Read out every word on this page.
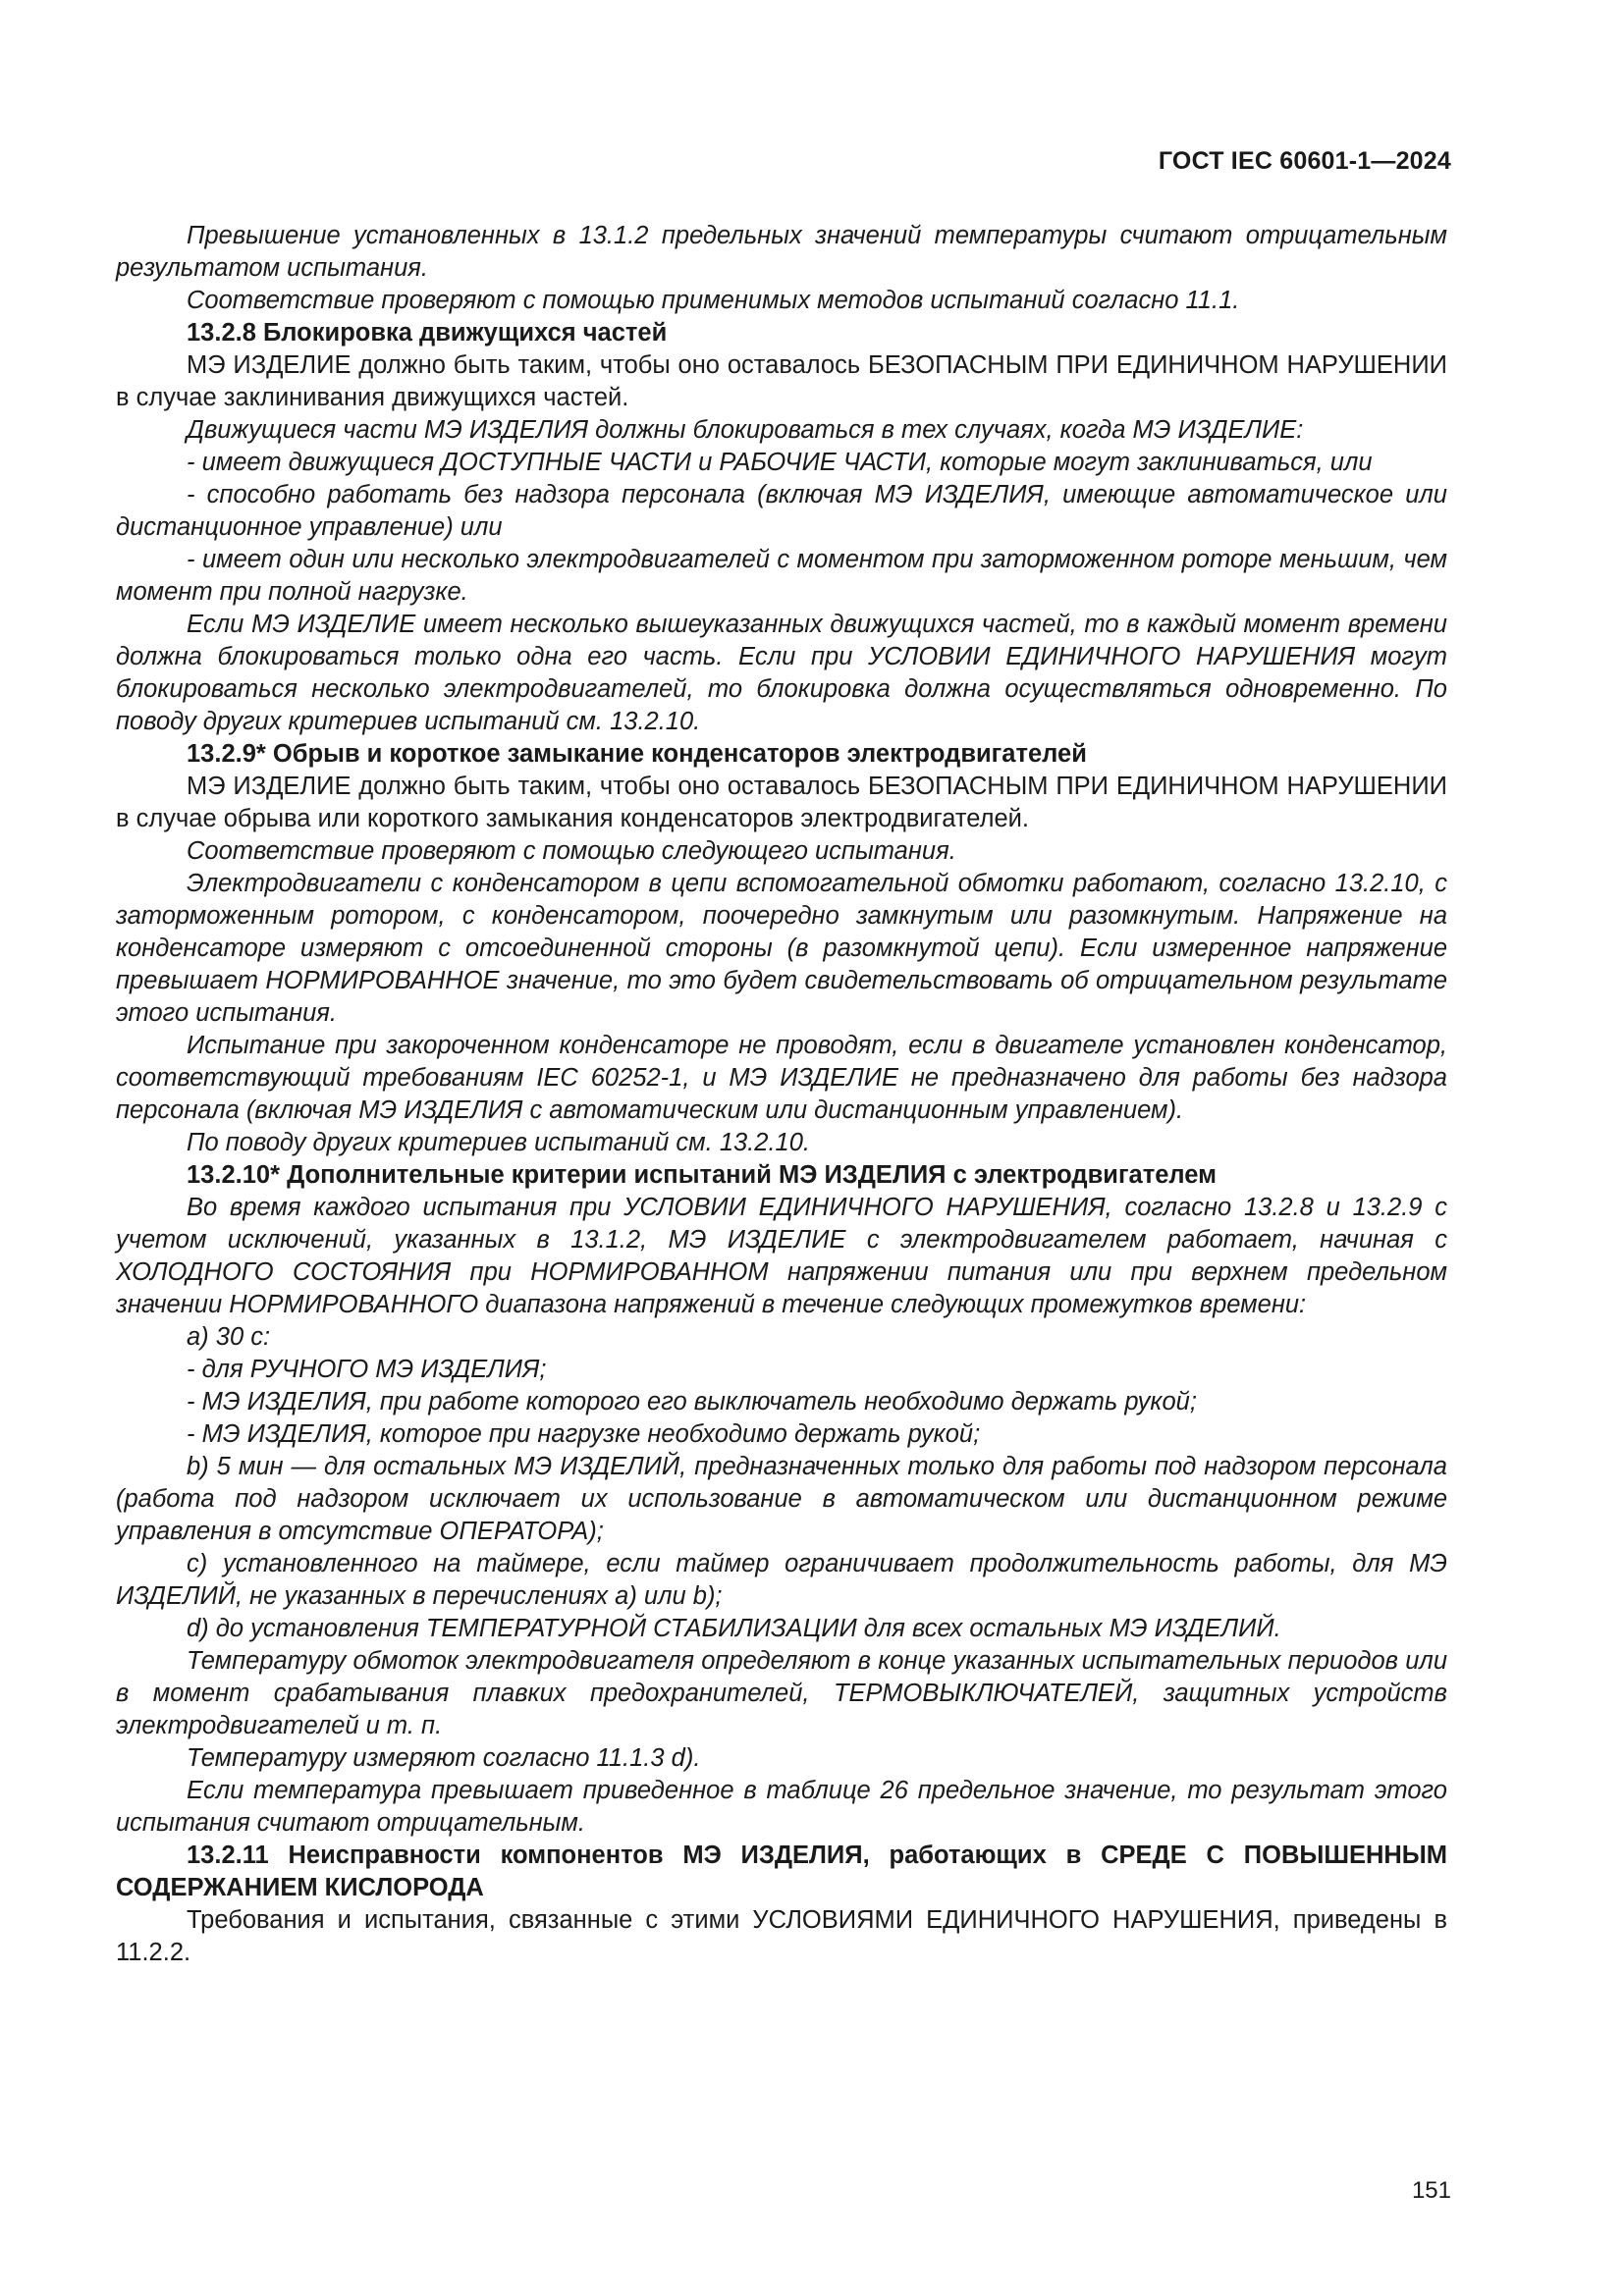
ГОСТ IEC 60601-1—2024

Превышение установленных в 13.1.2 предельных значений температуры считают отрицательным результатом испытания.

Соответствие проверяют с помощью применимых методов испытаний согласно 11.1.

13.2.8 Блокировка движущихся частей

МЭ ИЗДЕЛИЕ должно быть таким, чтобы оно оставалось БЕЗОПАСНЫМ ПРИ ЕДИНИЧНОМ НАРУШЕНИИ в случае заклинивания движущихся частей.

Движущиеся части МЭ ИЗДЕЛИЯ должны блокироваться в тех случаях, когда МЭ ИЗДЕЛИЕ:

- имеет движущиеся ДОСТУПНЫЕ ЧАСТИ и РАБОЧИЕ ЧАСТИ, которые могут заклиниваться, или

- способно работать без надзора персонала (включая МЭ ИЗДЕЛИЯ, имеющие автоматическое или дистанционное управление) или

- имеет один или несколько электродвигателей с моментом при заторможенном роторе меньшим, чем момент при полной нагрузке.

Если МЭ ИЗДЕЛИЕ имеет несколько вышеуказанных движущихся частей, то в каждый момент времени должна блокироваться только одна его часть. Если при УСЛОВИИ ЕДИНИЧНОГО НАРУШЕНИЯ могут блокироваться несколько электродвигателей, то блокировка должна осуществляться одновременно. По поводу других критериев испытаний см. 13.2.10.

13.2.9* Обрыв и короткое замыкание конденсаторов электродвигателей

МЭ ИЗДЕЛИЕ должно быть таким, чтобы оно оставалось БЕЗОПАСНЫМ ПРИ ЕДИНИЧНОМ НАРУШЕНИИ в случае обрыва или короткого замыкания конденсаторов электродвигателей.

Соответствие проверяют с помощью следующего испытания.

Электродвигатели с конденсатором в цепи вспомогательной обмотки работают, согласно 13.2.10, с заторможенным ротором, с конденсатором, поочередно замкнутым или разомкнутым. Напряжение на конденсаторе измеряют с отсоединенной стороны (в разомкнутой цепи). Если измеренное напряжение превышает НОРМИРОВАННОЕ значение, то это будет свидетельствовать об отрицательном результате этого испытания.

Испытание при закороченном конденсаторе не проводят, если в двигателе установлен конденсатор, соответствующий требованиям IEC 60252-1, и МЭ ИЗДЕЛИЕ не предназначено для работы без надзора персонала (включая МЭ ИЗДЕЛИЯ с автоматическим или дистанционным управлением).

По поводу других критериев испытаний см. 13.2.10.

13.2.10* Дополнительные критерии испытаний МЭ ИЗДЕЛИЯ с электродвигателем

Во время каждого испытания при УСЛОВИИ ЕДИНИЧНОГО НАРУШЕНИЯ, согласно 13.2.8 и 13.2.9 с учетом исключений, указанных в 13.1.2, МЭ ИЗДЕЛИЕ с электродвигателем работает, начиная с ХОЛОДНОГО СОСТОЯНИЯ при НОРМИРОВАННОМ напряжении питания или при верхнем предельном значении НОРМИРОВАННОГО диапазона напряжений в течение следующих промежутков времени:

a) 30 с:

- для РУЧНОГО МЭ ИЗДЕЛИЯ;

- МЭ ИЗДЕЛИЯ, при работе которого его выключатель необходимо держать рукой;

- МЭ ИЗДЕЛИЯ, которое при нагрузке необходимо держать рукой;

b) 5 мин — для остальных МЭ ИЗДЕЛИЙ, предназначенных только для работы под надзором персонала (работа под надзором исключает их использование в автоматическом или дистанционном режиме управления в отсутствие ОПЕРАТОРА);

c) установленного на таймере, если таймер ограничивает продолжительность работы, для МЭ ИЗДЕЛИЙ, не указанных в перечислениях a) или b);

d) до установления ТЕМПЕРАТУРНОЙ СТАБИЛИЗАЦИИ для всех остальных МЭ ИЗДЕЛИЙ.

Температуру обмоток электродвигателя определяют в конце указанных испытательных периодов или в момент срабатывания плавких предохранителей, ТЕРМОВЫКЛЮЧАТЕЛЕЙ, защитных устройств электродвигателей и т. п.

Температуру измеряют согласно 11.1.3 d).

Если температура превышает приведенное в таблице 26 предельное значение, то результат этого испытания считают отрицательным.

13.2.11 Неисправности компонентов МЭ ИЗДЕЛИЯ, работающих в СРЕДЕ С ПОВЫШЕННЫМ СОДЕРЖАНИЕМ КИСЛОРОДА

Требования и испытания, связанные с этими УСЛОВИЯМИ ЕДИНИЧНОГО НАРУШЕНИЯ, приведены в 11.2.2.

151
